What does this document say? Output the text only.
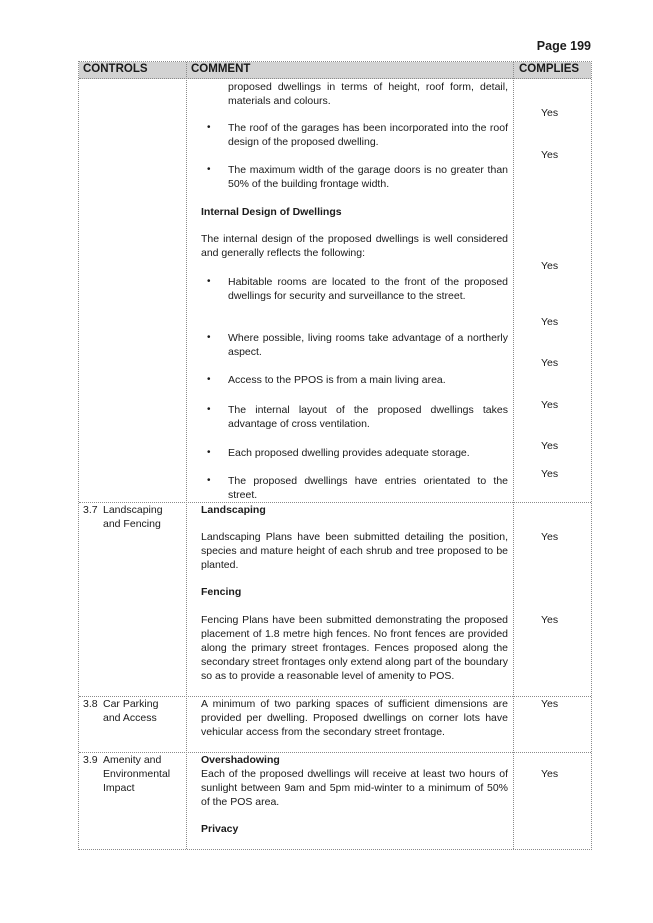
Page 199
CONTROLS	COMMENT	COMPLIES
proposed dwellings in terms of height, roof form, detail, materials and colours.
• The roof of the garages has been incorporated into the roof design of the proposed dwelling.
• The maximum width of the garage doors is no greater than 50% of the building frontage width.
Internal Design of Dwellings
The internal design of the proposed dwellings is well considered and generally reflects the following:
• Habitable rooms are located to the front of the proposed dwellings for security and surveillance to the street.
• Where possible, living rooms take advantage of a northerly aspect.
• Access to the PPOS is from a main living area.
• The internal layout of the proposed dwellings takes advantage of cross ventilation.
• Each proposed dwelling provides adequate storage.
• The proposed dwellings have entries orientated to the street.
Yes
Yes
Yes
Yes
Yes
Yes
Yes
Yes
3.7 Landscaping
and Fencing
Landscaping
Landscaping Plans have been submitted detailing the position, species and mature height of each shrub and tree proposed to be planted.
Fencing
Fencing Plans have been submitted demonstrating the proposed placement of 1.8 metre high fences. No front fences are provided along the primary street frontages. Fences proposed along the secondary street frontages only extend along part of the boundary so as to provide a reasonable level of amenity to POS.
Yes
Yes
3.8 Car Parking
and Access
A minimum of two parking spaces of sufficient dimensions are provided per dwelling. Proposed dwellings on corner lots have vehicular access from the secondary street frontage.
Yes
3.9 Amenity and
Environmental
Impact
Overshadowing
Each of the proposed dwellings will receive at least two hours of sunlight between 9am and 5pm mid-winter to a minimum of 50% of the POS area.
Privacy
Yes
